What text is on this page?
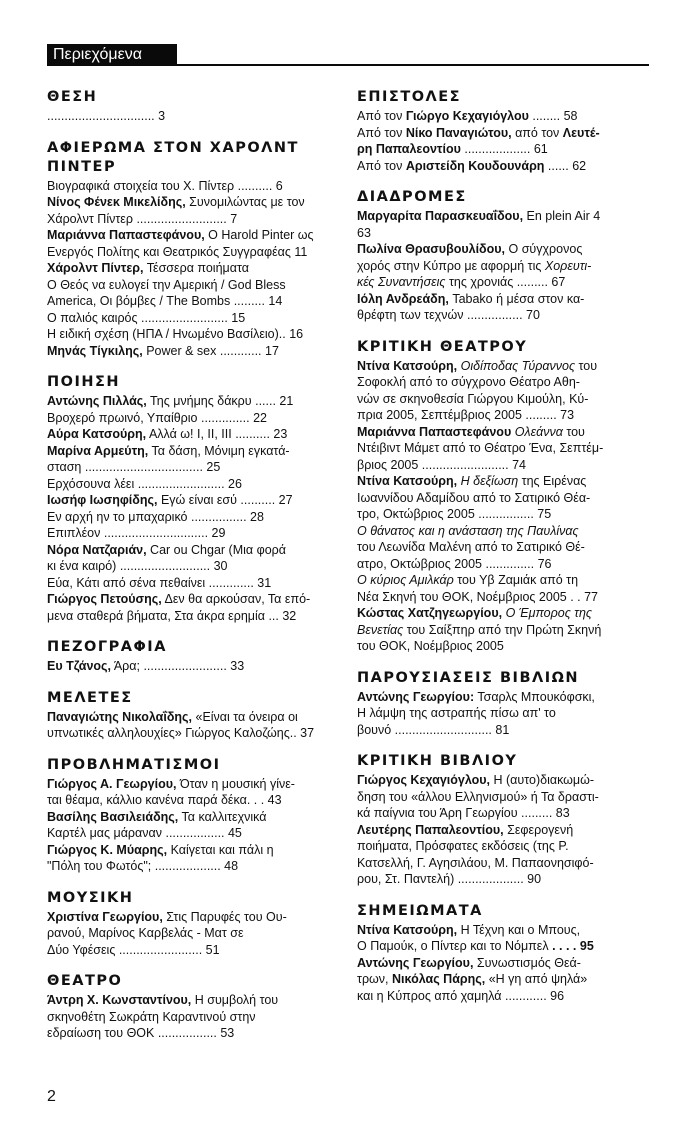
Περιεχόμενα
ΘΕΣΗ
............................... 3
ΑΦΙΕΡΩΜΑ ΣΤΟΝ ΧΑΡΟΛΝΤ ΠΙΝΤΕΡ
Βιογραφικά στοιχεία του Χ. Πίντερ .......... 6
Νίνος Φένεκ Μικελίδης, Συνομιλώντας με τον
Χάρολντ Πίντερ .......................... 7
Μαριάννα Παπαστεφάνου, Ο Harold Pinter ως
Ενεργός Πολίτης και Θεατρικός Συγγραφέας 11
Χάρολντ Πίντερ, Τέσσερα ποιήματα
Ο Θεός να ευλογεί την Αμερική / God Bless
America, Οι βόμβες / The Bombs ......... 14
Ο παλιός καιρός ......................... 15
Η ειδική σχέση (ΗΠΑ / Ηνωμένο Βασίλειο).. 16
Μηνάς Τίγκιλης, Power & sex ............ 17
ΠΟΙΗΣΗ
Αντώνης Πιλλάς, Της μνήμης δάκρυ ...... 21
Βροχερό πρωινό, Υπαίθριο .............. 22
Αύρα Κατσούρη, Αλλά ω! I, II, III .......... 23
Μαρίνα Αρμεύτη, Τα δάση, Μόνιμη εγκατά-
σταση .................................. 25
Ερχόσουνα λέει ......................... 26
Ιωσήφ Ιωσηφίδης, Εγώ είναι εσύ .......... 27
Εν αρχή ην το μπαχαρικό ................ 28
Επιπλέον .............................. 29
Νόρα Νατζαριάν, Car ou Chgar (Μια φορά
κι ένα καιρό) .......................... 30
Εύα, Κάτι από σένα πεθαίνει ............. 31
Γιώργος Πετούσης, Δεν θα αρκούσαν, Τα επό-
μενα σταθερά βήματα, Στα άκρα ερημία ... 32
ΠΕΖΟΓΡΑΦΙΑ
Ευ Τζάνος, Άρα; ........................ 33
ΜΕΛΕΤΕΣ
Παναγιώτης Νικολαΐδης, «Είναι τα όνειρα οι
υπνωτικές αλληλουχίες» Γιώργος Καλοζώης.. 37
ΠΡΟΒΛΗΜΑΤΙΣΜΟΙ
Γιώργος Α. Γεωργίου, Όταν η μουσική γίνε-
ται θέαμα, κάλλιο κανένα παρά δέκα. . . 43
Βασίλης Βασιλειάδης, Τα καλλιτεχνικά
Καρτέλ μας μάραναν ................. 45
Γιώργος Κ. Μύαρης, Καίγεται και πάλι η
"Πόλη του Φωτός"; ................... 48
ΜΟΥΣΙΚΗ
Χριστίνα Γεωργίου, Στις Παρυφές του Ου-
ρανού, Μαρίνος Καρβελάς - Ματ σε
Δύο Υφέσεις ........................ 51
ΘΕΑΤΡΟ
Άντρη Χ. Κωνσταντίνου, Η συμβολή του
σκηνοθέτη Σωκράτη Καραντινού στην
εδραίωση του ΘΟΚ ................. 53
ΕΠΙΣΤΟΛΕΣ
Από τον Γιώργο Κεχαγιόγλου ........ 58
Από τον Νίκο Παναγιώτου, από τον Λευτέ-
ρη Παπαλεοντίου ................... 61
Από τον Αριστείδη Κουδουνάρη ...... 62
ΔΙΑΔΡΟΜΕΣ
Μαργαρίτα Παρασκευαΐδου, En plein Air 4
63
Πωλίνα Θρασυβουλίδου, Ο σύγχρονος
χορός στην Κύπρο με αφορμή τις Χορευτι-
κές Συναντήσεις της χρονιάς ......... 67
Ιόλη Ανδρεάδη, Tabako ή μέσα στον κα-
θρέφτη των τεχνών ................ 70
ΚΡΙΤΙΚΗ ΘΕΑΤΡΟΥ
Ντίνα Κατσούρη, Οιδίποδας Τύραννος του
Σοφοκλή από το σύγχρονο Θέατρο Αθη-
νών σε σκηνοθεσία Γιώργου Κιμούλη, Κύ-
πρια 2005, Σεπτέμβριος 2005 ......... 73
Μαριάννα Παπαστεφάνου Ολεάννα του
Ντέιβιντ Μάμετ από το Θέατρο Ένα, Σεπτέμ-
βριος 2005 ......................... 74
Ντίνα Κατσούρη, Η δεξίωση της Ειρένας
Ιωαννίδου Αδαμίδου από το Σατιρικό Θέα-
τρο, Οκτώβριος 2005 ................ 75
Ο θάνατος και η ανάσταση της Παυλίνας
του Λεωνίδα Μαλένη από το Σατιρικό Θέ-
ατρο, Οκτώβριος 2005 .............. 76
Ο κύριος Αμιλκάρ του Υβ Ζαμιάκ από τη
Νέα Σκηνή του ΘΟΚ, Νοέμβριος 2005 . . 77
Κώστας Χατζηγεωργίου, Ο Έμπορος της
Βενετίας του Σαίξπηρ από την Πρώτη Σκηνή
του ΘΟΚ, Νοέμβριος 2005
ΠΑΡΟΥΣΙΑΣΕΙΣ ΒΙΒΛΙΩΝ
Αντώνης Γεωργίου: Τσαρλς Μπουκόφσκι,
Η λάμψη της αστραπής πίσω απ' το
βουνό ............................ 81
ΚΡΙΤΙΚΗ ΒΙΒΛΙΟΥ
Γιώργος Κεχαγιόγλου, Η (αυτο)διακωμώ-
δηση του «άλλου Ελληνισμού» ή Τα δραστι-
κά παίγνια του Άρη Γεωργίου ......... 83
Λευτέρης Παπαλεοντίου, Σεφερογενή
ποιήματα, Πρόσφατες εκδόσεις (της Ρ.
Κατσελλή, Γ. Αγησιλάου, Μ. Παπαονησιφό-
ρου, Στ. Παντελή) ................... 90
ΣΗΜΕΙΩΜΑΤΑ
Ντίνα Κατσούρη, Η Τέχνη και ο Μπους,
Ο Παμούκ, ο Πίντερ και το Νόμπελ . . . . 95
Αντώνης Γεωργίου, Συνωστισμός Θεά-
τρων, Νικόλας Πάρης, «Η γη από ψηλά»
και η Κύπρος από χαμηλά ............ 96
2
